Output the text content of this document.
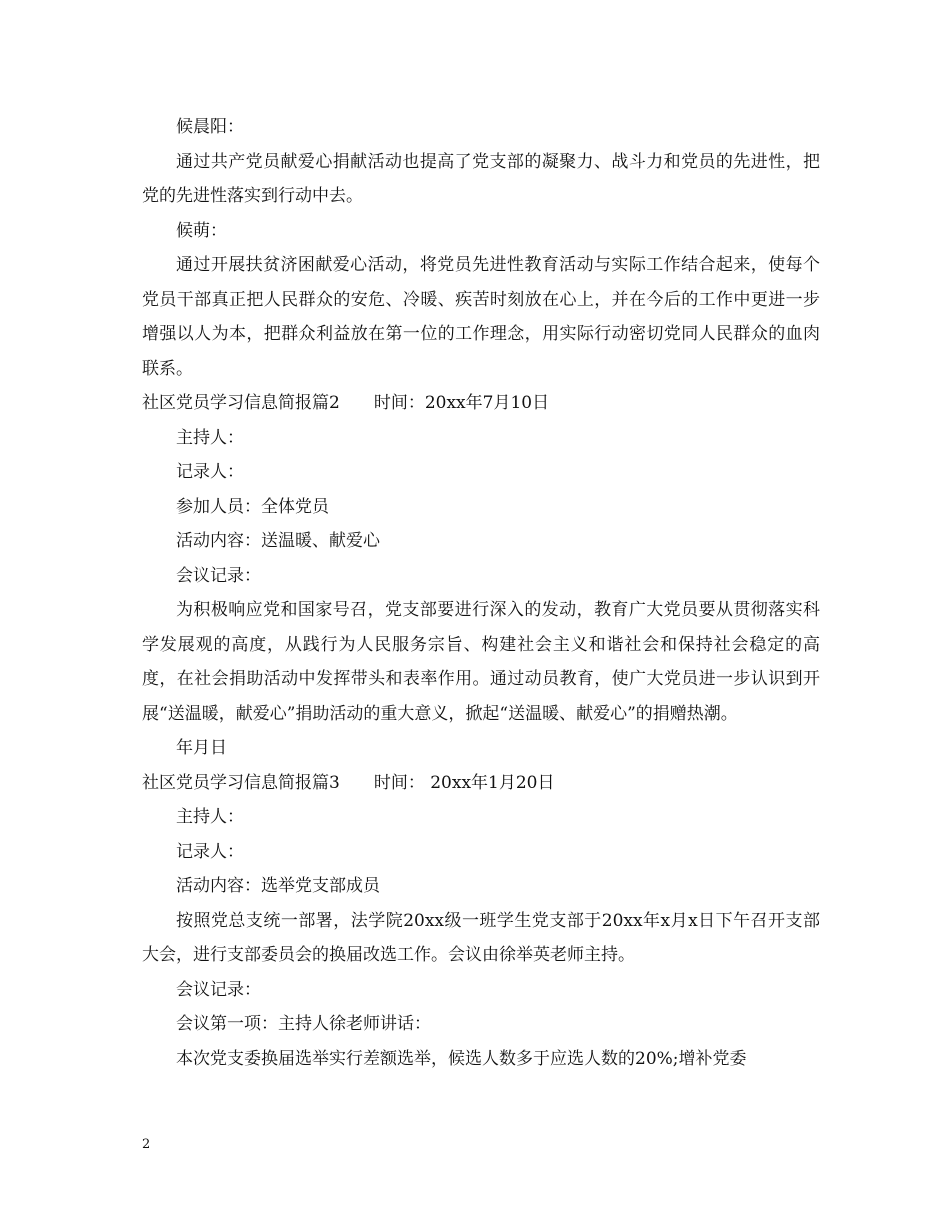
候晨阳：

通过共产党员献爱心捐献活动也提高了党支部的凝聚力、战斗力和党员的先进性，把党的先进性落实到行动中去。

候萌：

通过开展扶贫济困献爱心活动，将党员先进性教育活动与实际工作结合起来，使每个党员干部真正把人民群众的安危、冷暖、疾苦时刻放在心上，并在今后的工作中更进一步增强以人为本，把群众利益放在第一位的工作理念，用实际行动密切党同人民群众的血肉联系。

社区党员学习信息简报篇2 时间：20xx年7月10日

主持人：

记录人：

参加人员：全体党员

活动内容：送温暖、献爱心

会议记录：

为积极响应党和国家号召，党支部要进行深入的发动，教育广大党员要从贯彻落实科学发展观的高度，从践行为人民服务宗旨、构建社会主义和谐社会和保持社会稳定的高度，在社会捐助活动中发挥带头和表率作用。通过动员教育，使广大党员进一步认识到开展“送温暖，献爱心”捐助活动的重大意义，掀起“送温暖、献爱心”的捐赠热潮。

年月日

社区党员学习信息简报篇3 时间： 20xx年1月20日

主持人：

记录人：

活动内容：选举党支部成员

按照党总支统一部署，法学院20xx级一班学生党支部于20xx年x月x日下午召开支部大会，进行支部委员会的换届改选工作。会议由徐举英老师主持。

会议记录：

会议第一项：主持人徐老师讲话：

本次党支委换届选举实行差额选举，候选人数多于应选人数的20%;增补党委

2
